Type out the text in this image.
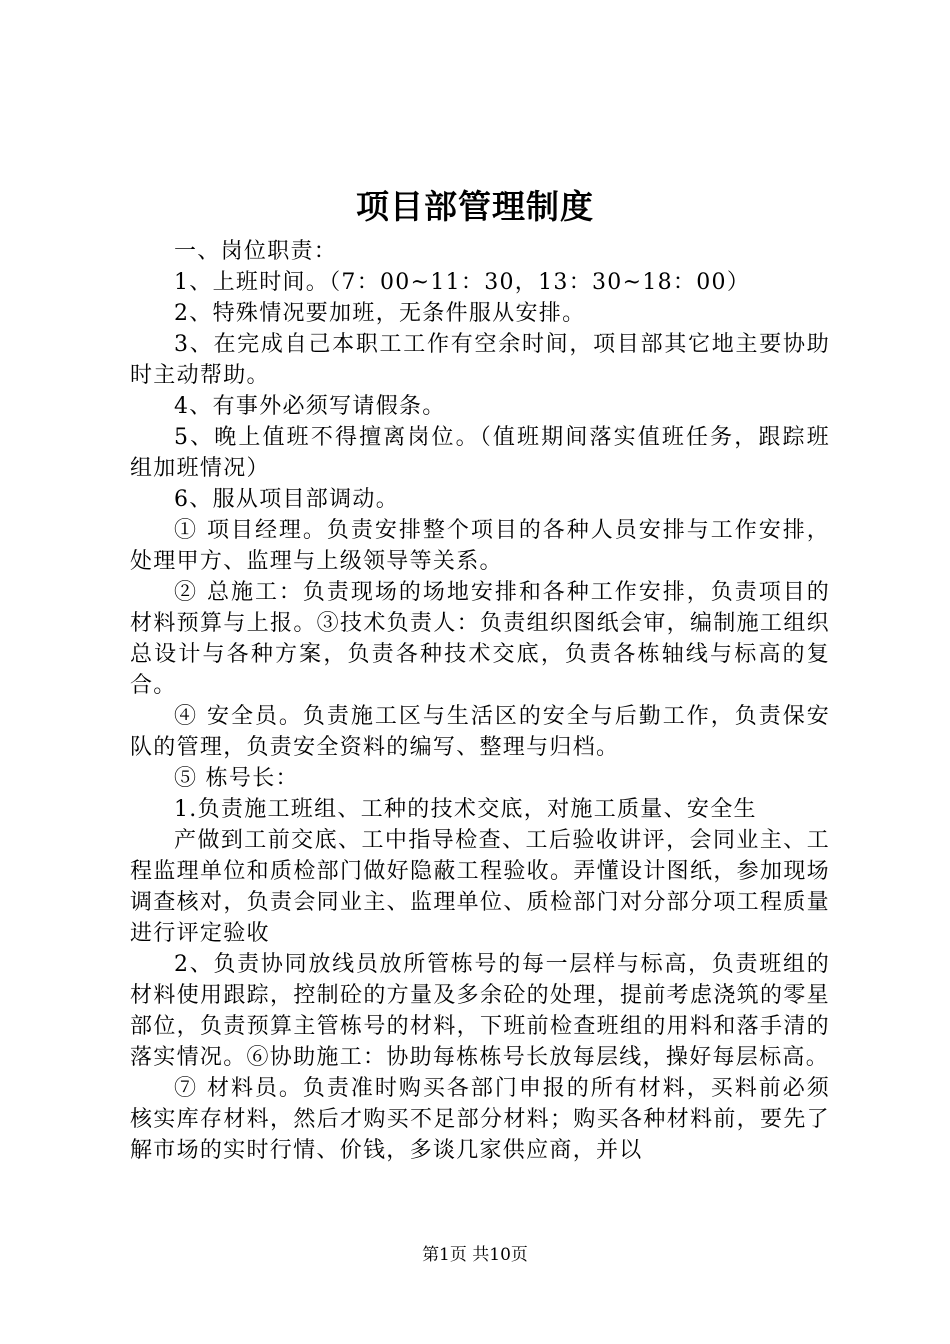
项目部管理制度

一、岗位职责：

1、上班时间。（7：00~11：30，13：30~18：00）

2、特殊情况要加班，无条件服从安排。

3、在完成自己本职工工作有空余时间，项目部其它地主要协助时主动帮助。

4、有事外必须写请假条。

5、晚上值班不得擅离岗位。（值班期间落实值班任务，跟踪班组加班情况）

6、服从项目部调动。

① 项目经理。负责安排整个项目的各种人员安排与工作安排，处理甲方、监理与上级领导等关系。

② 总施工：负责现场的场地安排和各种工作安排，负责项目的材料预算与上报。③技术负责人：负责组织图纸会审，编制施工组织总设计与各种方案，负责各种技术交底，负责各栋轴线与标高的复合。

④ 安全员。负责施工区与生活区的安全与后勤工作，负责保安队的管理，负责安全资料的编写、整理与归档。

⑤ 栋号长：

1.负责施工班组、工种的技术交底，对施工质量、安全生

产做到工前交底、工中指导检查、工后验收讲评，会同业主、工程监理单位和质检部门做好隐蔽工程验收。弄懂设计图纸，参加现场调查核对，负责会同业主、监理单位、质检部门对分部分项工程质量进行评定验收

2、负责协同放线员放所管栋号的每一层样与标高，负责班组的材料使用跟踪，控制砼的方量及多余砼的处理，提前考虑浇筑的零星部位，负责预算主管栋号的材料，下班前检查班组的用料和落手清的落实情况。⑥协助施工：协助每栋栋号长放每层线，操好每层标高。

⑦ 材料员。负责准时购买各部门申报的所有材料，买料前必须核实库存材料，然后才购买不足部分材料；购买各种材料前，要先了解市场的实时行情、价钱，多谈几家供应商，并以

第1页 共10页
